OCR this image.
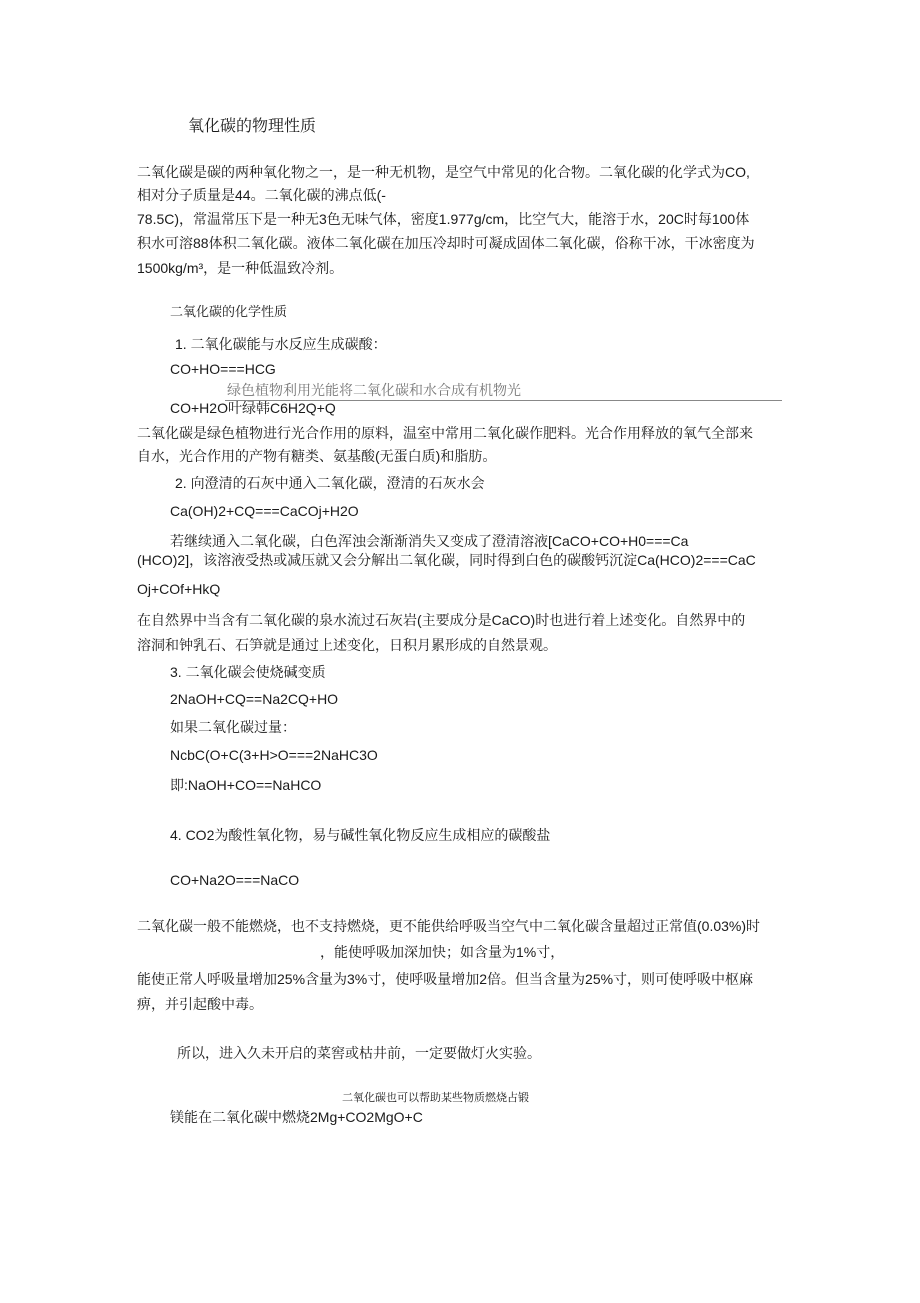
氧化碳的物理性质
二氧化碳是碳的两种氧化物之一，是一种无机物，是空气中常见的化合物。二氧化碳的化学式为CO,
相对分子质量是44。二氧化碳的沸点低(-
78.5C)，常温常压下是一种无3色无味气体，密度1.977g/cm，比空气大，能溶于水，20C时每100体
积水可溶88体积二氧化碳。液体二氧化碳在加压冷却时可凝成固体二氧化碳，俗称干冰，干冰密度为
1500kg/m³，是一种低温致冷剂。
二氧化碳的化学性质
1. 二氧化碳能与水反应生成碳酸：
CO+HO===HCG
绿色植物利用光能将二氧化碳和水合成有机物光
CO+H2O叶绿韩C6H2Q+Q
二氧化碳是绿色植物进行光合作用的原料，温室中常用二氧化碳作肥料。光合作用释放的氧气全部来
自水，光合作用的产物有糖类、氨基酸(无蛋白质)和脂肪。
2. 向澄清的石灰中通入二氧化碳，澄清的石灰水会
Ca(OH)2+CQ===CaCOj+H2O
若继续通入二氧化碳，白色浑浊会渐渐消失又变成了澄清溶液[CaCO+CO+H0===Ca
(HCO)2]，该溶液受热或减压就又会分解出二氧化碳，同时得到白色的碳酸钙沉淀Ca(HCO)2===CaC
Oj+COf+HkQ
在自然界中当含有二氧化碳的泉水流过石灰岩(主要成分是CaCO)时也进行着上述变化。自然界中的
溶洞和钟乳石、石笋就是通过上述变化，日积月累形成的自然景观。
3. 二氧化碳会使烧碱变质
2NaOH+CQ==Na2CQ+HO
如果二氧化碳过量：
NcbC(O+C(3+H>O===2NaHC3O
即:NaOH+CO==NaHCO
4. CO2为酸性氧化物，易与碱性氧化物反应生成相应的碳酸盐
CO+Na2O===NaCO
二氧化碳一般不能燃烧，也不支持燃烧，更不能供给呼吸当空气中二氧化碳含量超过正常值(0.03%)时
，能使呼吸加深加快；如含量为1%寸，
能使正常人呼吸量增加25%含量为3%寸，使呼吸量增加2倍。但当含量为25%寸，则可使呼吸中枢麻
痹，并引起酸中毒。
所以，进入久未开启的菜窖或枯井前，一定要做灯火实验。
二氧化碳也可以帮助某些物质燃烧占锻
镁能在二氧化碳中燃烧2Mg+CO2MgO+C
